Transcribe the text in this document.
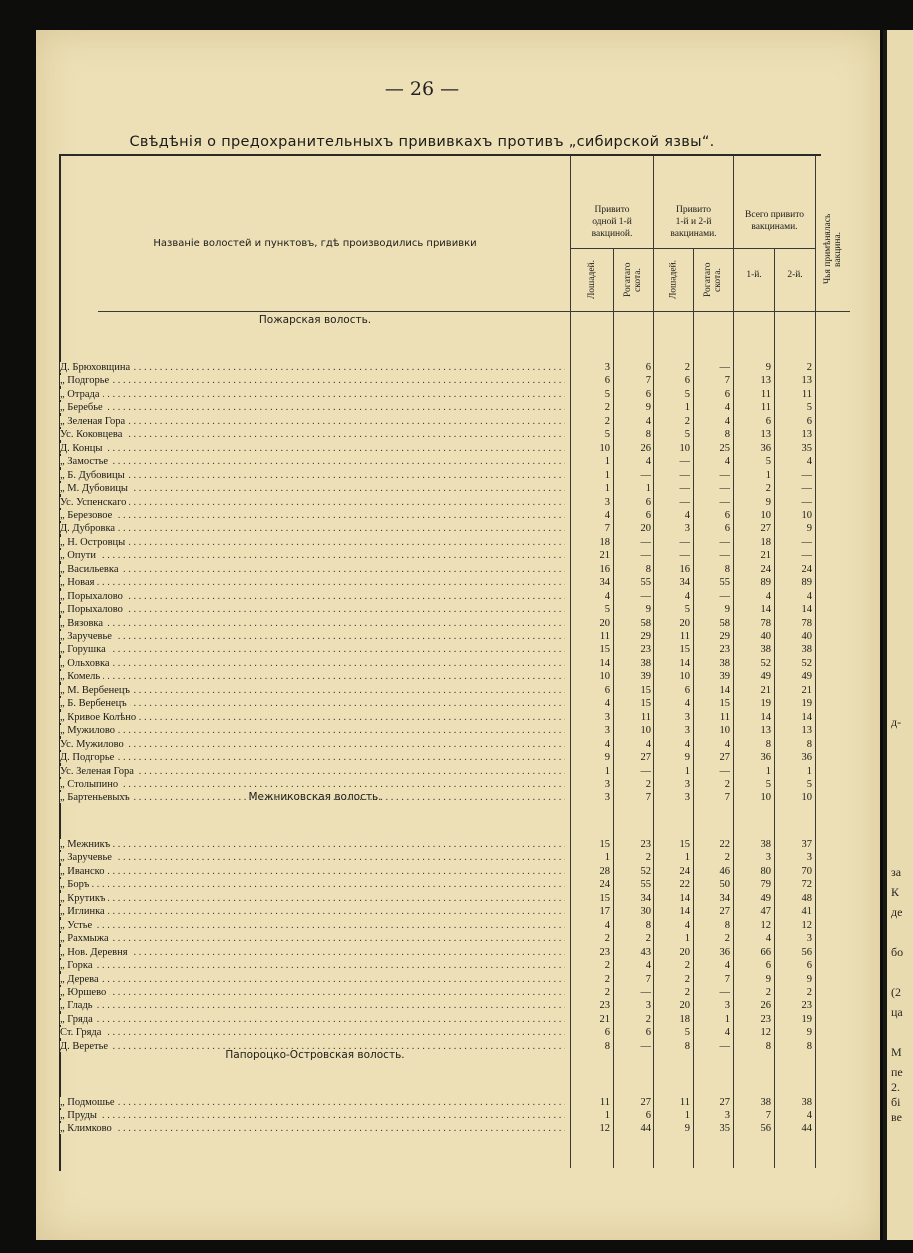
д-
за
К
де
бо
(2
ца
М
пе
2.
бі
ве
— 26 —
Свѣдѣнія о предохранительныхъ прививкахъ противъ „сибирской язвы“.
Названіе волостей и пунктовъ, гдѣ производились прививки
Привито
одной 1-й
вакциной.
Привито
1-й и 2-й
вакцинами.
Всего привито
вакцинами.
Лошадей.	Рогатаго
скота.	Лошадей.	Рогатаго
скота.	1-й.	2-й.	Чья примѣнялась
вакцина.
Пожарская волость.
Д. Брюховщина . . .	3	6	2	—	9	2
„ Подгорье . . .	6	7	6	7	13	13
„ Отрада . . .	5	6	5	6	11	11
„ Беребье . . .	2	9	1	4	11	5
„ Зеленая Гора . . .	2	4	2	4	6	6
Ус. Коковцева . . .	5	8	5	8	13	13
Д. Концы . . .	10	26	10	25	36	35
„ Замостье . . .	1	4	—	4	5	4
„ Б. Дубовицы . . .	1	—	—	—	1	—
„ М. Дубовицы . . .	1	1	—	—	2	—
Ус. Успенскаго . . .	3	6	—	—	9	—
„ Березовое . . .	4	6	4	6	10	10
Д. Дубровка . . .	7	20	3	6	27	9
„ Н. Островцы . . .	18	—	—	—	18	—
„ Опути . . .	21	—	—	—	21	—
„ Васильевка . . .	16	8	16	8	24	24
„ Новая . . .	34	55	34	55	89	89
„ Порыхалово . . .	4	—	4	—	4	4
„ Порыхалово . . .	5	9	5	9	14	14
„ Вязовка . . .	20	58	20	58	78	78
„ Заручевье . . .	11	29	11	29	40	40
„ Горушка . . .	15	23	15	23	38	38
„ Ольховка . . .	14	38	14	38	52	52
„ Комель . . .	10	39	10	39	49	49
„ М. Вербенецъ . . .	6	15	6	14	21	21
„ Б. Вербенецъ . . .	4	15	4	15	19	19
„ Кривое Колѣно . . .	3	11	3	11	14	14
„ Мужилово . . .	3	10	3	10	13	13
Ус. Мужилово . . .	4	4	4	4	8	8
Д. Подгорье . . .	9	27	9	27	36	36
Ус. Зеленая Гора . . .	1	—	1	—	1	1
„ Столыпино . . .	3	2	3	2	5	5
„ Бартеньевыхъ . . .	3	7	3	7	10	10
Межниковская волость.
„ Межникъ . . .	15	23	15	22	38	37
„ Заручевье . . .	1	2	1	2	3	3
„ Иванско . . .	28	52	24	46	80	70
„ Боръ . . .	24	55	22	50	79	72
„ Крутикъ . . .	15	34	14	34	49	48
„ Иглинка . . .	17	30	14	27	47	41
„ Устье . . .	4	8	4	8	12	12
„ Рахмыжа . . .	2	2	1	2	4	3
„ Нов. Деревня . . .	23	43	20	36	66	56
„ Горка . . .	2	4	2	4	6	6
„ Дерева . . .	2	7	2	7	9	9
„ Юршево . . .	2	—	2	—	2	2
„ Гладь . . .	23	3	20	3	26	23
„ Гряда . . .	21	2	18	1	23	19
Ст. Гряда . . .	6	6	5	4	12	9
Д. Веретье . . .	8	—	8	—	8	8
Папороцко-Островская волость.
„ Подмошье . . .	11	27	11	27	38	38
„ Пруды . . .	1	6	1	3	7	4
„ Климково . . .	12	44	9	35	56	44
